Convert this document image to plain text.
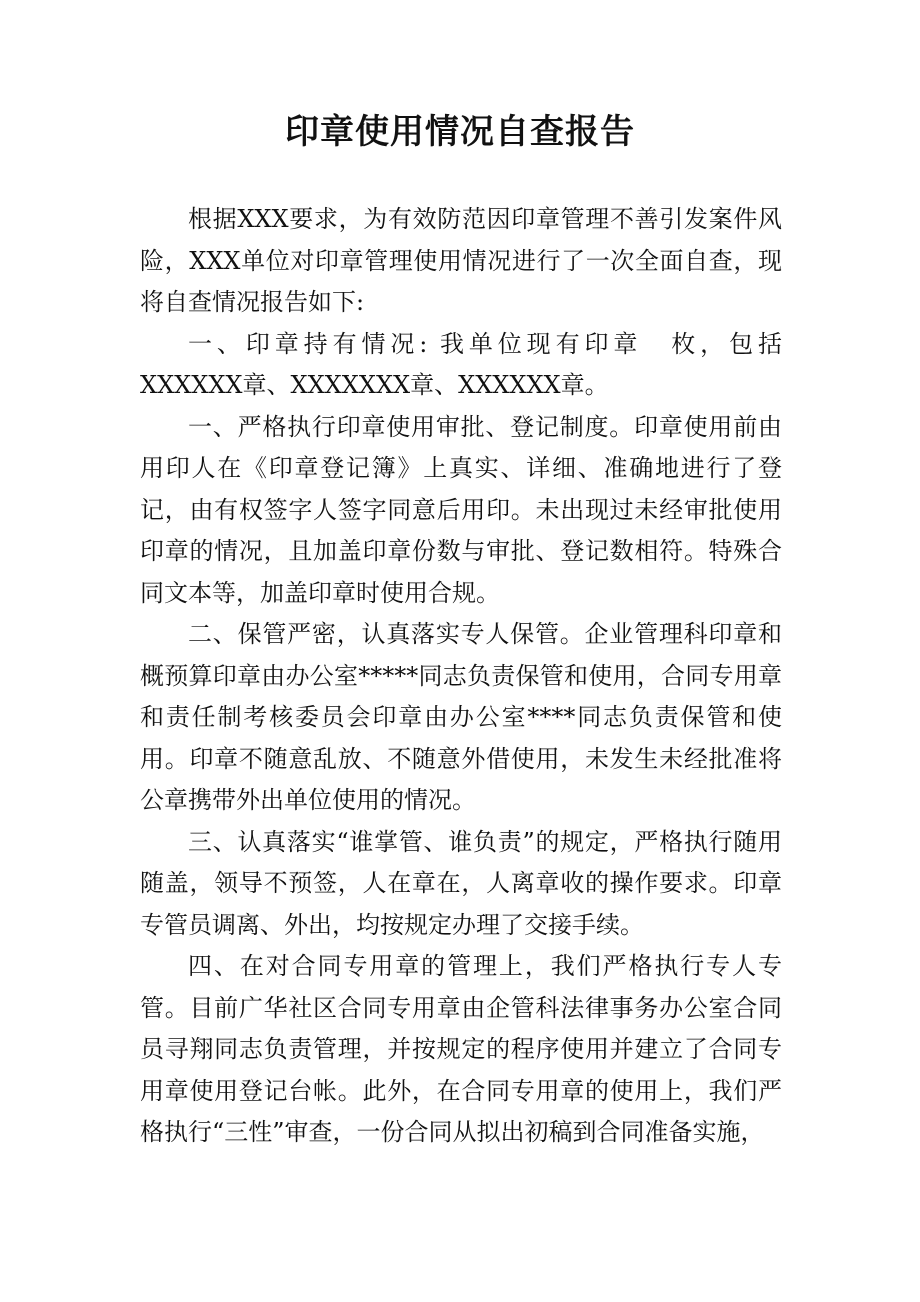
印章使用情况自查报告

根据XXX要求，为有效防范因印章管理不善引发案件风险，XXX单位对印章管理使用情况进行了一次全面自查，现将自查情况报告如下:

一、印章持有情况: 我单位现有印章　枚，包括XXXXXX章、XXXXXXX章、XXXXXX章。

一、严格执行印章使用审批、登记制度。印章使用前由用印人在《印章登记簿》上真实、详细、准确地进行了登记，由有权签字人签字同意后用印。未出现过未经审批使用印章的情况，且加盖印章份数与审批、登记数相符。特殊合同文本等，加盖印章时使用合规。

二、保管严密，认真落实专人保管。企业管理科印章和概预算印章由办公室*****同志负责保管和使用，合同专用章和责任制考核委员会印章由办公室****同志负责保管和使用。印章不随意乱放、不随意外借使用，未发生未经批准将公章携带外出单位使用的情况。

三、认真落实“谁掌管、谁负责”的规定，严格执行随用随盖，领导不预签，人在章在，人离章收的操作要求。印章专管员调离、外出，均按规定办理了交接手续。

四、在对合同专用章的管理上，我们严格执行专人专管。目前广华社区合同专用章由企管科法律事务办公室合同员寻翔同志负责管理，并按规定的程序使用并建立了合同专用章使用登记台帐。此外，在合同专用章的使用上，我们严格执行“三性”审查，一份合同从拟出初稿到合同准备实施，
